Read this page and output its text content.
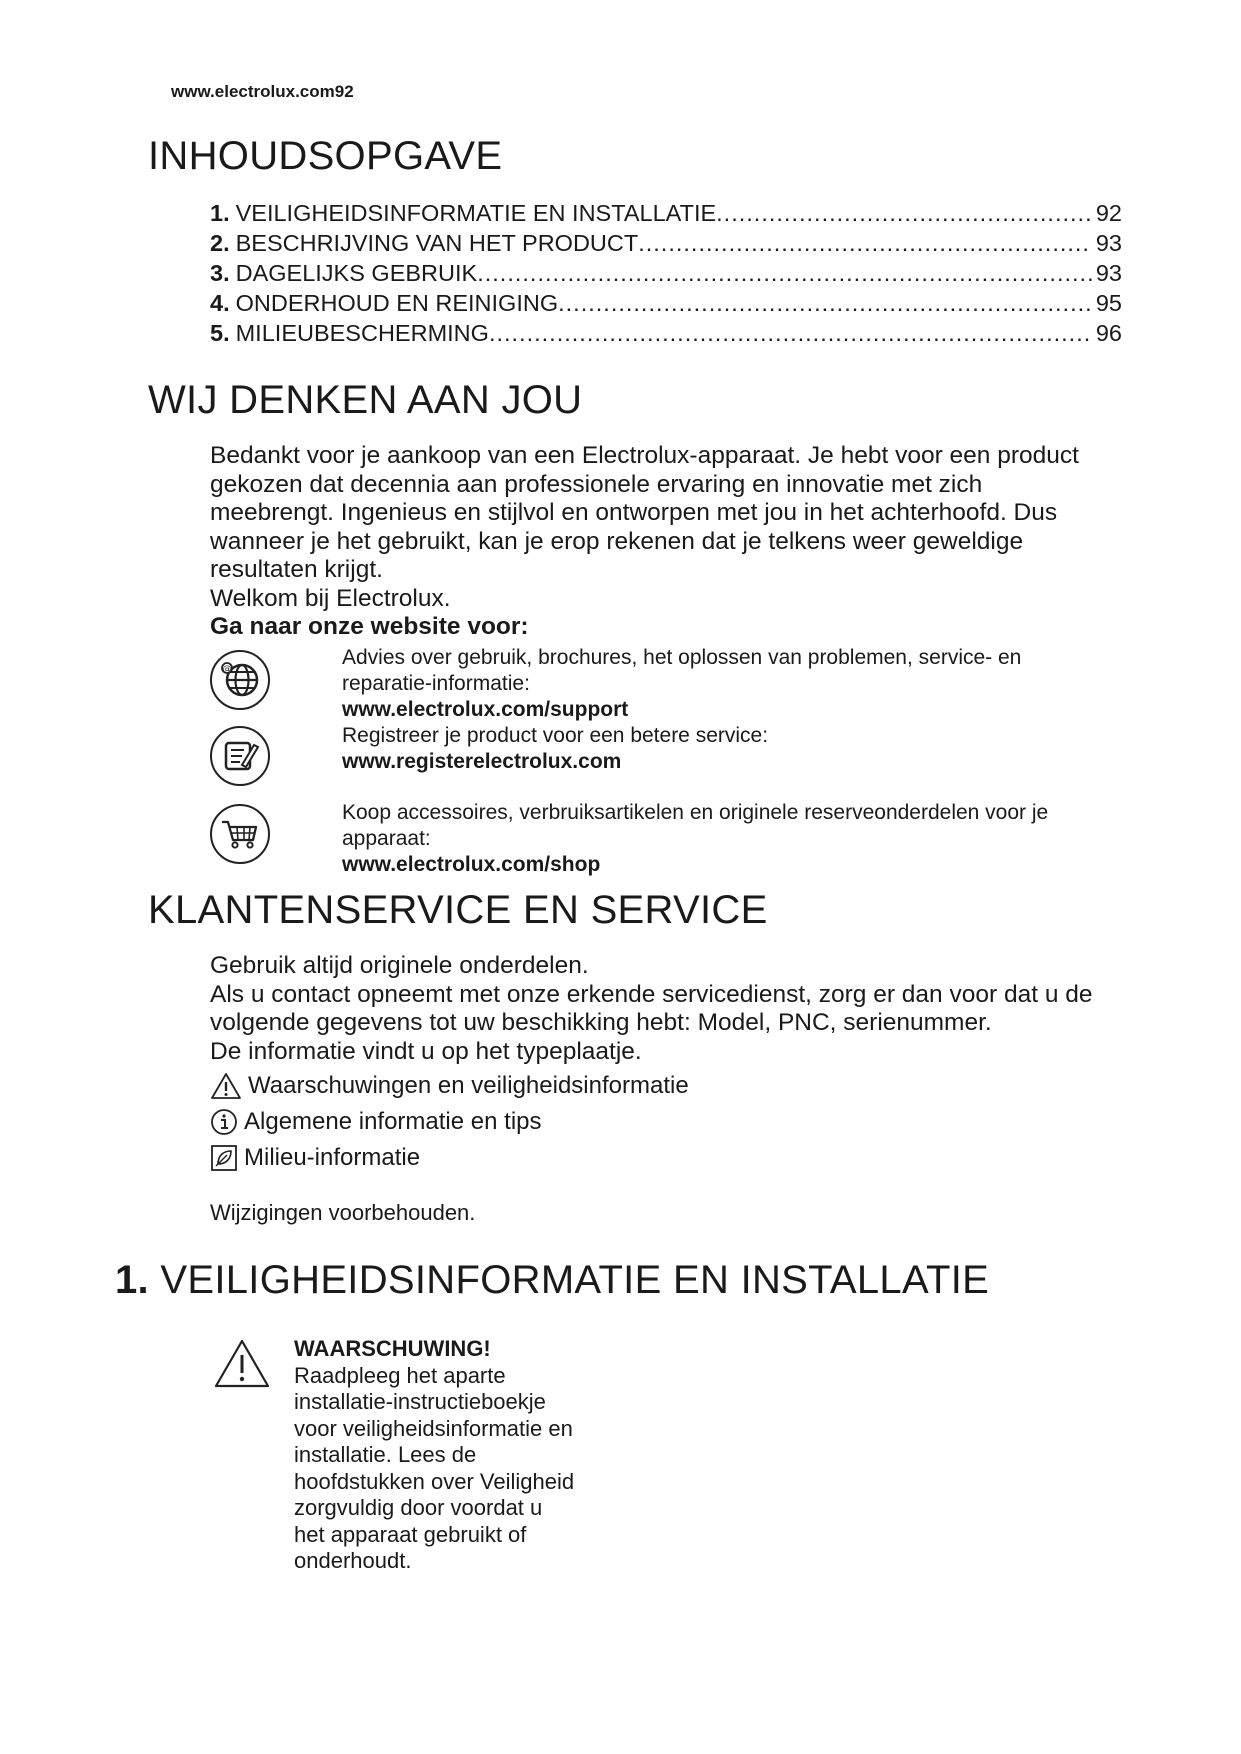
www.electrolux.com92
INHOUDSOPGAVE
1. VEILIGHEIDSINFORMATIE EN INSTALLATIE .....	92
2. BESCHRIJVING VAN HET PRODUCT .....	93
3. DAGELIJKS GEBRUIK .....	93
4. ONDERHOUD EN REINIGING .....	95
5. MILIEUBESCHERMING .....	96
WIJ DENKEN AAN JOU
Bedankt voor je aankoop van een Electrolux-apparaat. Je hebt voor een product
gekozen dat decennia aan professionele ervaring en innovatie met zich
meebrengt. Ingenieus en stijlvol en ontworpen met jou in het achterhoofd. Dus
wanneer je het gebruikt, kan je erop rekenen dat je telkens weer geweldige
resultaten krijgt.
Welkom bij Electrolux.
Ga naar onze website voor:
@
Advies over gebruik, brochures, het oplossen van problemen, service- en
reparatie-informatie:
www.electrolux.com/support
Registreer je product voor een betere service:
www.registerelectrolux.com
Koop accessoires, verbruiksartikelen en originele reserveonderdelen voor je
apparaat:
www.electrolux.com/shop
KLANTENSERVICE EN SERVICE
Gebruik altijd originele onderdelen.
Als u contact opneemt met onze erkende servicedienst, zorg er dan voor dat u de
volgende gegevens tot uw beschikking hebt: Model, PNC, serienummer.
De informatie vindt u op het typeplaatje.
Waarschuwingen en veiligheidsinformatie
Algemene informatie en tips
Milieu-informatie
Wijzigingen voorbehouden.
1. VEILIGHEIDSINFORMATIE EN INSTALLATIE
WAARSCHUWING!
Raadpleeg het aparte
installatie-instructieboekje
voor veiligheidsinformatie en
installatie. Lees de
hoofdstukken over Veiligheid
zorgvuldig door voordat u
het apparaat gebruikt of
onderhoudt.
